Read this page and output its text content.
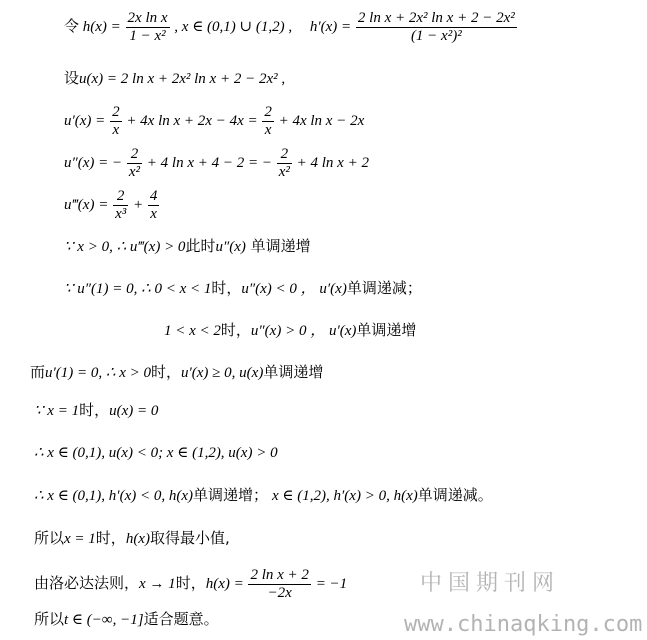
令 $h(x) = \frac{\text{2x ln x}}{\text{1 − x²}}$ , x ∈ (0,1) ∪ (1,2) , $h'(x) = \frac{\text{2 ln x + 2x² ln x + 2 − 2x²}}{\text{(1 − x²)²}}$
设u(x) = 2 ln x + 2x² ln x + 2 − 2x² ,
$u'(x) = \frac{2}{x} + 4x$ $\ln x + 2x - 4x = \frac{2}{x} + 4x$ ln x − 2x
u″(x) = − $\frac{2}{\text{x²}} + 4$ ln x + 4 − 2 = − $\frac{2}{\text{x²}} + 4$ ln x + 2
u‴(x) = $\frac{2}{\text{x³}} + \frac{4}{x}$
∵ x > 0, ∴ u‴(x) > 0此时u″(x) 单调递增
∵ u″(1) = 0, ∴ 0 < x < 1时，u″(x) < 0 ， u′(x)单调递减；
1 < x < 2时，u″(x) > 0 ， u′(x)单调递增
而u′(1) = 0, ∴ x > 0时，u′(x) ≥ 0, u(x)单调递增
∵ x = 1时，u(x) = 0
∴ x ∈ (0,1), u(x) < 0; x ∈ (1,2), u(x) > 0
∴ x ∈ (0,1), h′(x) < 0, h(x)单调递增； x ∈ (1,2), h′(x) > 0, h(x)单调递减。
所以x = 1时，h(x)取得最小值,
由洛必达法则，x → 1时，$h(x) = \frac{\text{2 ln x + 2}}{-2x} = -1$
所以t ∈ (−∞, −1]适合题意。
中国期刊网
www.chinaqking.com
